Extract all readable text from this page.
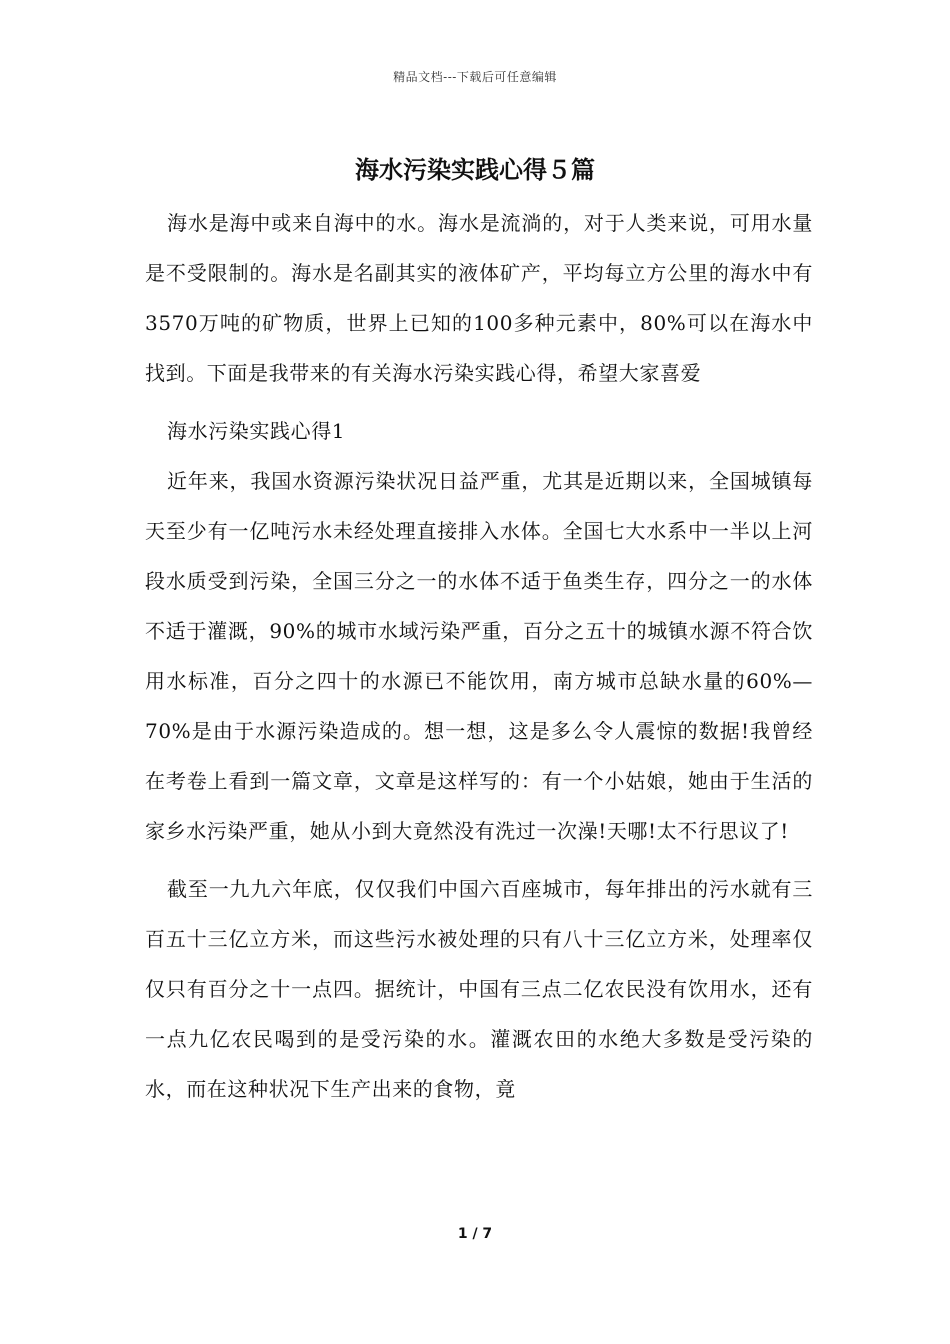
精品文档---下载后可任意编辑
海水污染实践心得５篇

海水是海中或来自海中的水。海水是流淌的，对于人类来说，可用水量是不受限制的。海水是名副其实的液体矿产，平均每立方公里的海水中有3570万吨的矿物质，世界上已知的100多种元素中，80%可以在海水中找到。下面是我带来的有关海水污染实践心得，希望大家喜爱

海水污染实践心得1

近年来，我国水资源污染状况日益严重，尤其是近期以来，全国城镇每天至少有一亿吨污水未经处理直接排入水体。全国七大水系中一半以上河段水质受到污染，全国三分之一的水体不适于鱼类生存，四分之一的水体不适于灌溉，90%的城市水域污染严重，百分之五十的城镇水源不符合饮用水标准，百分之四十的水源已不能饮用，南方城市总缺水量的60%—70%是由于水源污染造成的。想一想，这是多么令人震惊的数据!我曾经在考卷上看到一篇文章，文章是这样写的：有一个小姑娘，她由于生活的家乡水污染严重，她从小到大竟然没有洗过一次澡!天哪!太不行思议了!

截至一九九六年底，仅仅我们中国六百座城市，每年排出的污水就有三百五十三亿立方米，而这些污水被处理的只有八十三亿立方米，处理率仅仅只有百分之十一点四。据统计，中国有三点二亿农民没有饮用水，还有一点九亿农民喝到的是受污染的水。灌溉农田的水绝大多数是受污染的水，而在这种状况下生产出来的食物，竟

1 / 7
